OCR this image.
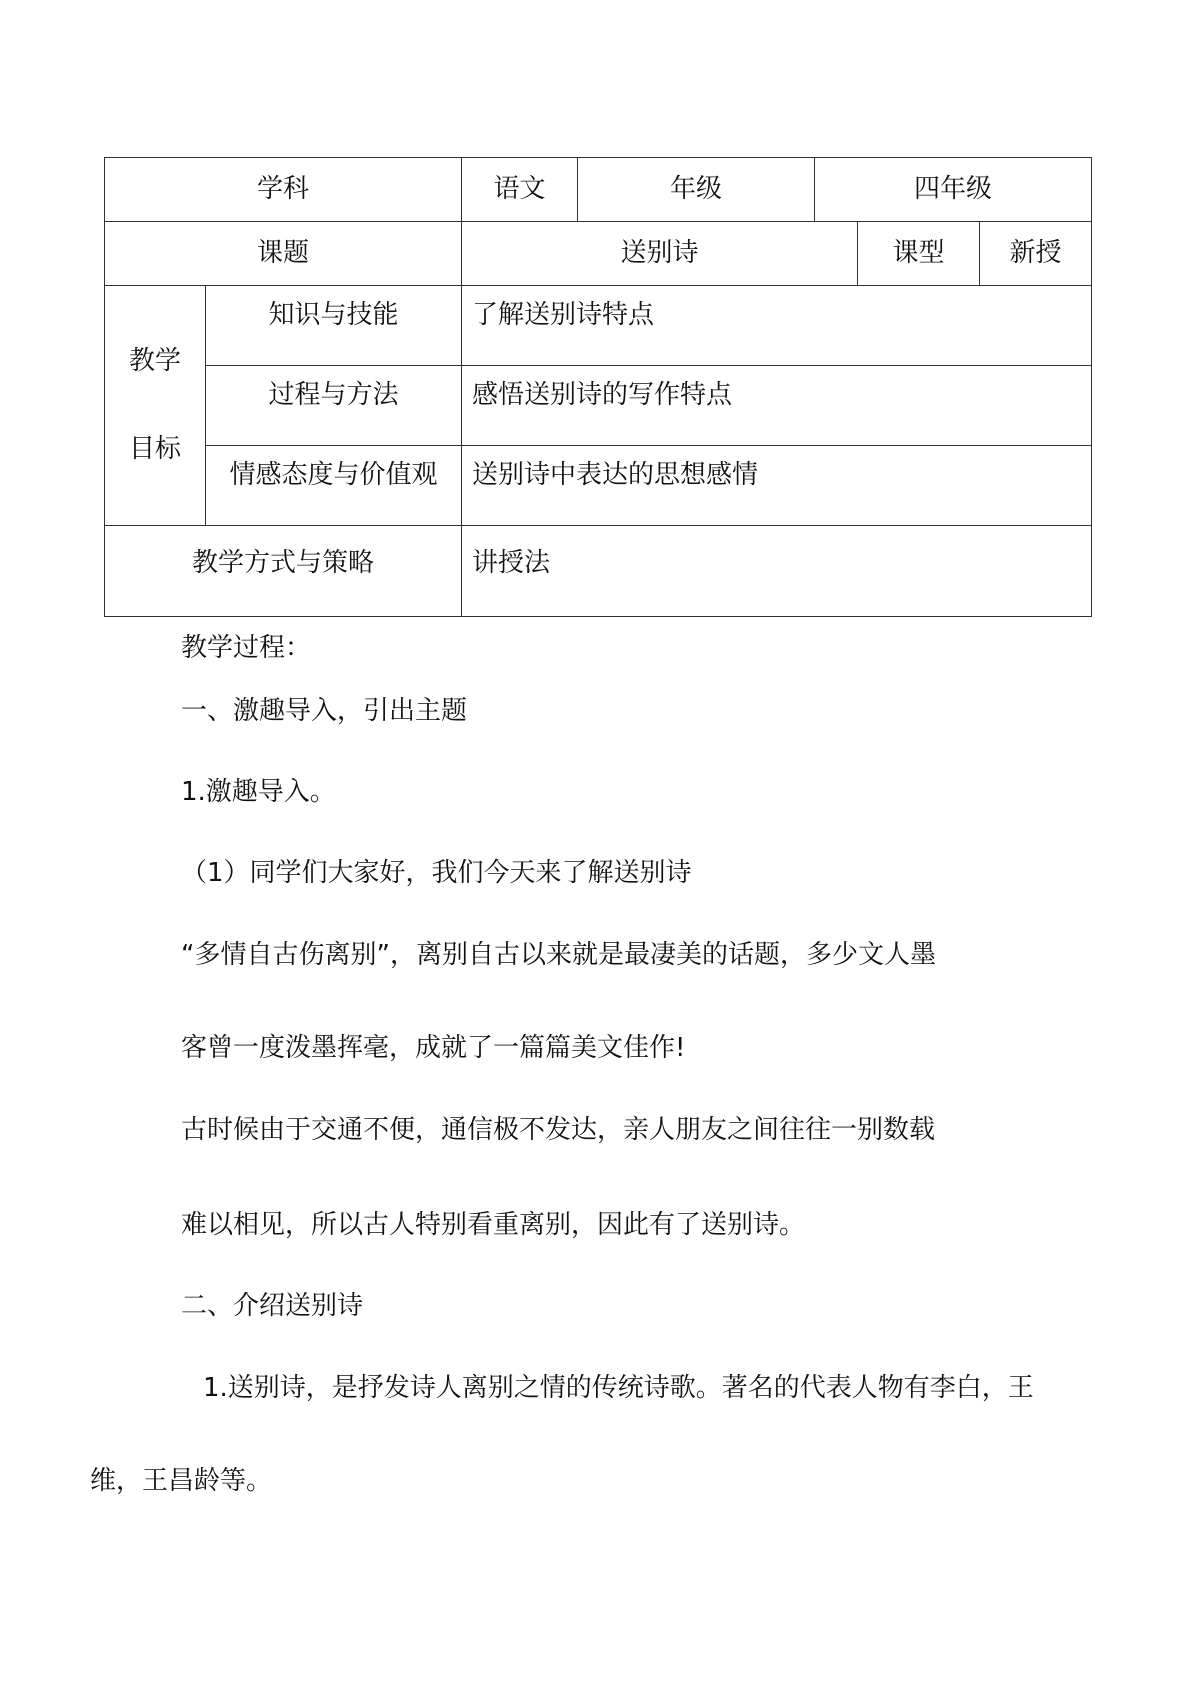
学科		语文	年级	四年级		
课题		送别诗			课型	新授

教学
目标	知识与技能	了解送别诗特点				
	过程与方法	感悟送别诗的写作特点				
	情感态度与价值观	送别诗中表达的思想感情				
教学方式与策略		讲授法				
教学过程：
一、激趣导入，引出主题
1.激趣导入。
（1）同学们大家好，我们今天来了解送别诗
“多情自古伤离别”，离别自古以来就是最凄美的话题，多少文人墨
客曾一度泼墨挥毫，成就了一篇篇美文佳作!
古时候由于交通不便，通信极不发达，亲人朋友之间往往一别数载
难以相见，所以古人特别看重离别，因此有了送别诗。
二、介绍送别诗
1.送别诗，是抒发诗人离别之情的传统诗歌。著名的代表人物有李白，王
维，王昌龄等。
